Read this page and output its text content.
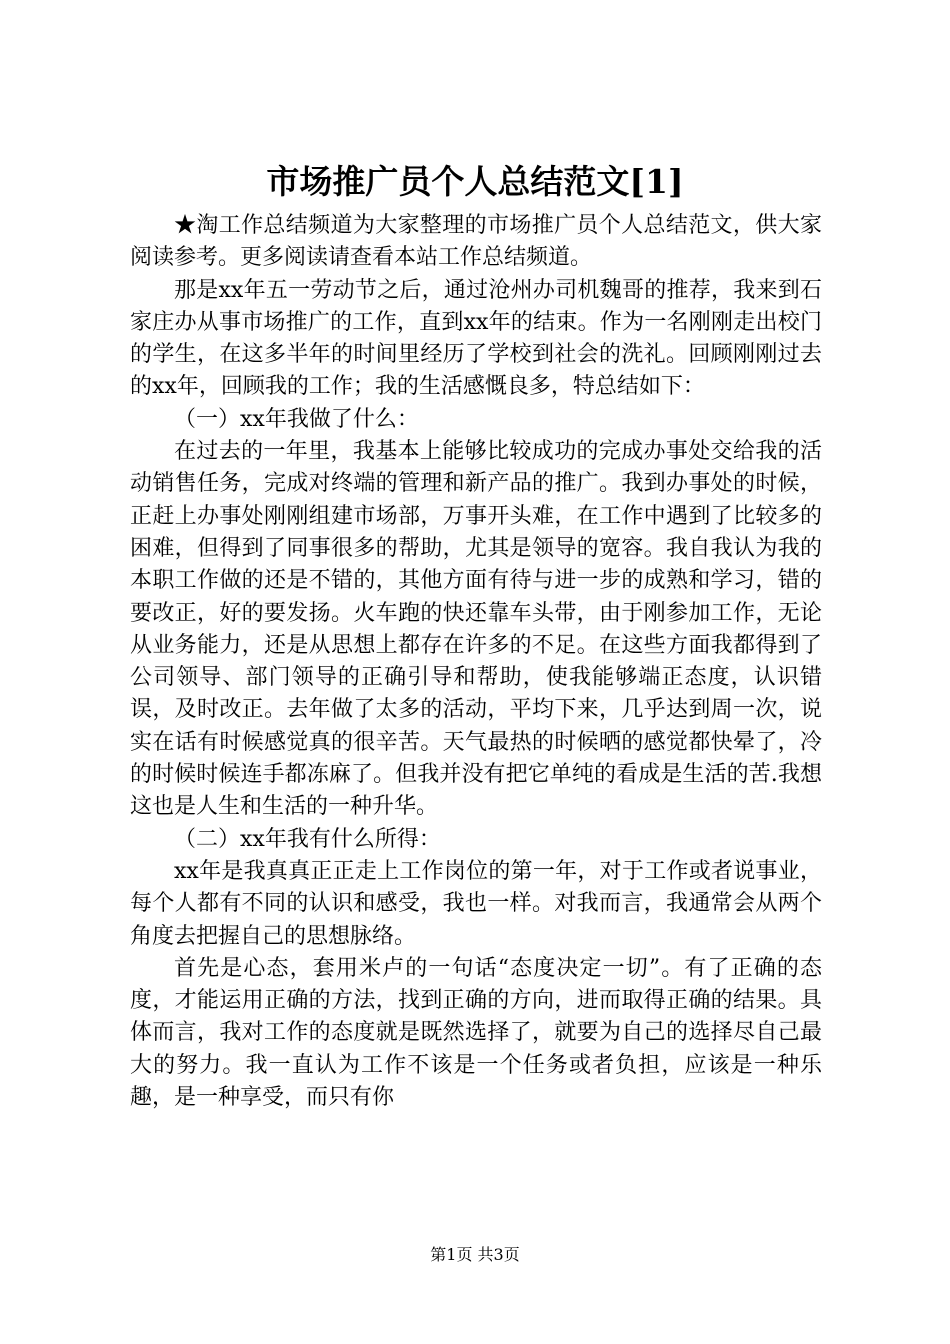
市场推广员个人总结范文[1]

★淘工作总结频道为大家整理的市场推广员个人总结范文，供大家阅读参考。更多阅读请查看本站工作总结频道。

那是xx年五一劳动节之后，通过沧州办司机魏哥的推荐，我来到石家庄办从事市场推广的工作，直到xx年的结束。作为一名刚刚走出校门的学生，在这多半年的时间里经历了学校到社会的洗礼。回顾刚刚过去的xx年，回顾我的工作；我的生活感慨良多，特总结如下：

（一）xx年我做了什么：

在过去的一年里，我基本上能够比较成功的完成办事处交给我的活动销售任务，完成对终端的管理和新产品的推广。我到办事处的时候，正赶上办事处刚刚组建市场部，万事开头难，在工作中遇到了比较多的困难，但得到了同事很多的帮助，尤其是领导的宽容。我自我认为我的本职工作做的还是不错的，其他方面有待与进一步的成熟和学习，错的要改正，好的要发扬。火车跑的快还靠车头带，由于刚参加工作，无论从业务能力，还是从思想上都存在许多的不足。在这些方面我都得到了公司领导、部门领导的正确引导和帮助，使我能够端正态度，认识错误，及时改正。去年做了太多的活动，平均下来，几乎达到周一次，说实在话有时候感觉真的很辛苦。天气最热的时候晒的感觉都快晕了，冷的时候时候连手都冻麻了。但我并没有把它单纯的看成是生活的苦.我想这也是人生和生活的一种升华。

（二）xx年我有什么所得：

xx年是我真真正正走上工作岗位的第一年，对于工作或者说事业，每个人都有不同的认识和感受，我也一样。对我而言，我通常会从两个角度去把握自己的思想脉络。

首先是心态，套用米卢的一句话“态度决定一切”。有了正确的态度，才能运用正确的方法，找到正确的方向，进而取得正确的结果。具体而言，我对工作的态度就是既然选择了，就要为自己的选择尽自己最大的努力。我一直认为工作不该是一个任务或者负担，应该是一种乐趣，是一种享受，而只有你

第1页 共3页
